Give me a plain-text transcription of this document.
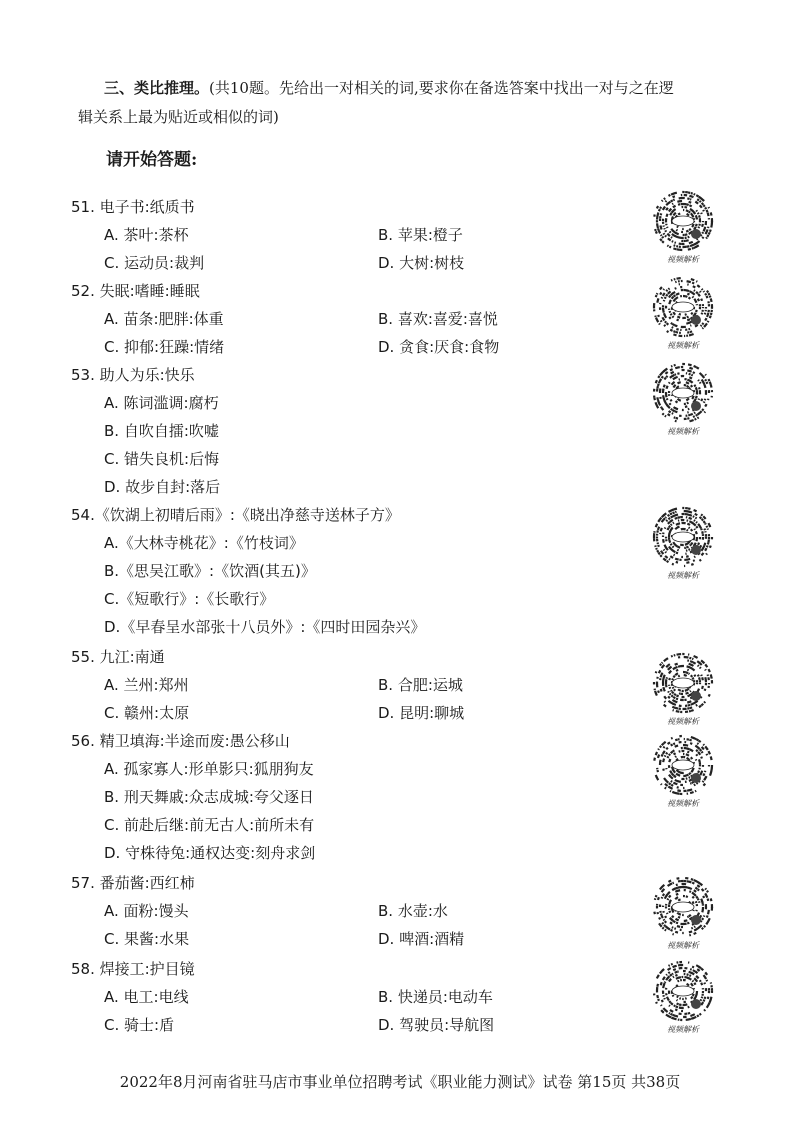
三、类比推理。(共10题。先给出一对相关的词,要求你在备选答案中找出一对与之在逻
辑关系上最为贴近或相似的词)
请开始答题:
51. 电子书:纸质书
A. 茶叶:茶杯	B. 苹果:橙子
C. 运动员:裁判	D. 大树:树枝
52. 失眠:嗜睡:睡眠
A. 苗条:肥胖:体重	B. 喜欢:喜爱:喜悦
C. 抑郁:狂躁:情绪	D. 贪食:厌食:食物
53. 助人为乐:快乐
A. 陈词滥调:腐朽
B. 自吹自擂:吹嘘
C. 错失良机:后悔
D. 故步自封:落后
54.《饮湖上初晴后雨》:《晓出净慈寺送林子方》
A.《大林寺桃花》:《竹枝词》
B.《思吴江歌》:《饮酒(其五)》
C.《短歌行》:《长歌行》
D.《早春呈水部张十八员外》:《四时田园杂兴》
55. 九江:南通
A. 兰州:郑州	B. 合肥:运城
C. 赣州:太原	D. 昆明:聊城
56. 精卫填海:半途而废:愚公移山
A. 孤家寡人:形单影只:狐朋狗友
B. 刑天舞戚:众志成城:夸父逐日
C. 前赴后继:前无古人:前所未有
D. 守株待兔:通权达变:刻舟求剑
57. 番茄酱:西红柿
A. 面粉:馒头	B. 水壶:水
C. 果酱:水果	D. 啤酒:酒精
58. 焊接工:护目镜
A. 电工:电线	B. 快递员:电动车
C. 骑士:盾	D. 驾驶员:导航图
视频解析
视频解析
视频解析
视频解析
视频解析
视频解析
视频解析
视频解析
2022年8月河南省驻马店市事业单位招聘考试《职业能力测试》试卷 第15页 共38页
